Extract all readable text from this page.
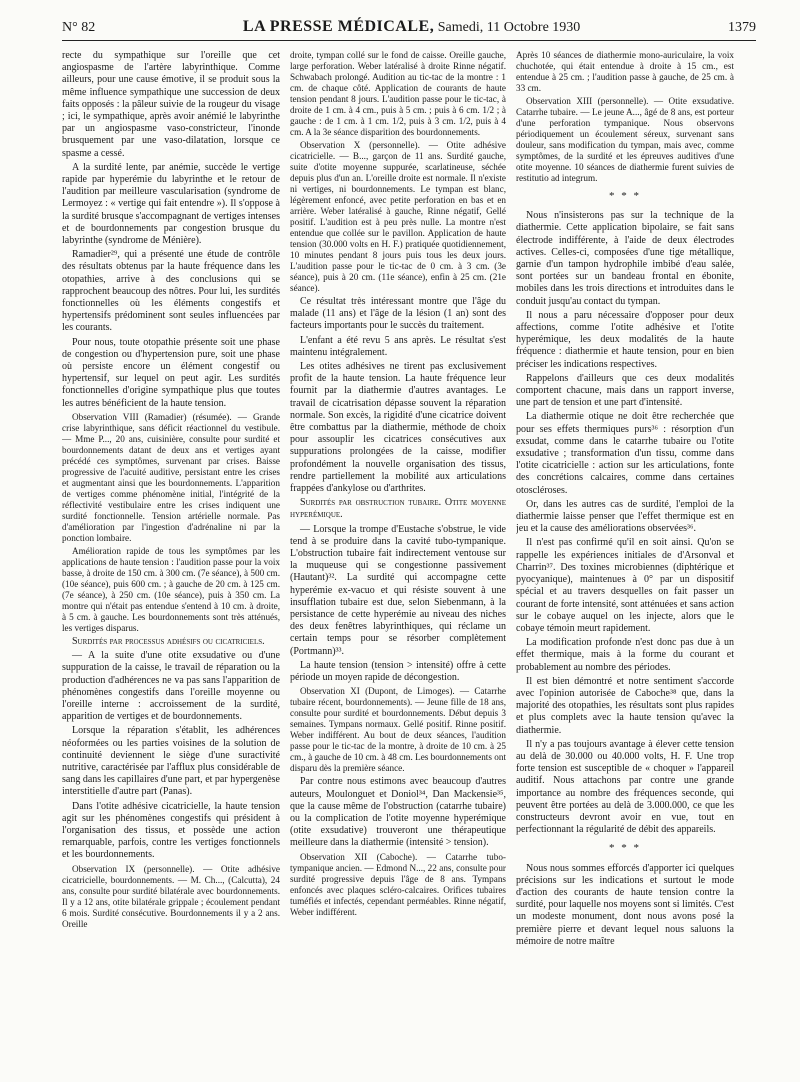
N° 82	LA PRESSE MÉDICALE, Samedi, 11 Octobre 1930	1379

recte du sympathique sur l'oreille que cet angiospasme de l'artère labyrinthique. Comme ailleurs, pour une cause émotive, il se produit sous la même influence sympathique une succession de deux faits opposés : la pâleur suivie de la rougeur du visage ; ici, le sympathique, après avoir anémié le labyrinthe par un angiospasme vaso-constricteur, l'inonde brusquement par une vaso-dilatation, lorsque ce spasme a cessé.

A la surdité lente, par anémie, succède le vertige rapide par hyperémie du labyrinthe et le retour de l'audition par meilleure vascularisation (syndrome de Lermoyez : « vertige qui fait entendre »). Il s'oppose à la surdité brusque s'accompagnant de vertiges intenses et de bourdonnements par congestion brusque du labyrinthe (syndrome de Ménière).

Ramadier²⁹, qui a présenté une étude de contrôle des résultats obtenus par la haute fréquence dans les otopathies, arrive à des conclusions qui se rapprochent beaucoup des nôtres. Pour lui, les surdités fonctionnelles où les éléments congestifs et hypertensifs prédominent sont seules influencées par les courants.

Pour nous, toute otopathie présente soit une phase de congestion ou d'hypertension pure, soit une phase où persiste encore un élément congestif ou hypertensif, sur lequel on peut agir. Les surdités fonctionnelles d'origine sympathique plus que toutes les autres bénéficient de la haute tension.

Observation VIII (Ramadier) (résumée). — Grande crise labyrinthique, sans déficit réactionnel du vestibule. — Mme P..., 20 ans, cuisinière, consulte pour surdité et bourdonnements datant de deux ans et vertiges ayant précédé ces symptômes, survenant par crises. Baisse progressive de l'acuité auditive, persistant entre les crises et augmentant ainsi que les bourdonnements. L'apparition de vertiges comme phénomène initial, l'intégrité de la réflectivité vestibulaire entre les crises indiquent une surdité fonctionnelle. Tension artérielle normale. Pas d'amélioration par l'ingestion d'adrénaline ni par la ponction lombaire.

Amélioration rapide de tous les symptômes par les applications de haute tension : l'audition passe pour la voix basse, à droite de 150 cm. à 300 cm. (7e séance), à 500 cm. (10e séance), puis 600 cm. ; à gauche de 20 cm. à 125 cm. (7e séance), à 250 cm. (10e séance), puis à 350 cm. La montre qui n'était pas entendue s'entend à 10 cm. à droite, à 5 cm. à gauche. Les bourdonnements sont très atténués, les vertiges disparus.

Surdités par processus adhésifs ou cicatriciels.

— A la suite d'une otite exsudative ou d'une suppuration de la caisse, le travail de réparation ou la production d'adhérences ne va pas sans l'apparition de phénomènes congestifs dans l'oreille moyenne ou l'oreille interne : accroissement de la surdité, apparition de vertiges et de bourdonnements.

Lorsque la réparation s'établit, les adhérences néoformées ou les parties voisines de la solution de continuité deviennent le siège d'une suractivité nutritive, caractérisée par l'afflux plus considérable de sang dans les capillaires d'une part, et par hypergenèse interstitielle d'autre part (Panas).

Dans l'otite adhésive cicatricielle, la haute tension agit sur les phénomènes congestifs qui président à l'organisation des tissus, et possède une action remarquable, parfois, contre les vertiges fonctionnels et les bourdonnements.

Observation IX (personnelle). — Otite adhésive cicatricielle, bourdonnements. — M. Ch..., (Calcutta), 24 ans, consulte pour surdité bilatérale avec bourdonnements. Il y a 12 ans, otite bilatérale grippale ; écoulement pendant 6 mois. Surdité consécutive. Bourdonnements il y a 2 ans. Oreille

droite, tympan collé sur le fond de caisse. Oreille gauche, large perforation. Weber latéralisé à droite Rinne négatif. Schwabach prolongé. Audition au tic-tac de la montre : 1 cm. de chaque côté. Application de courants de haute tension pendant 8 jours. L'audition passe pour le tic-tac, à droite de 1 cm. à 4 cm., puis à 5 cm. ; puis à 6 cm. 1/2 ; à gauche : de 1 cm. à 1 cm. 1/2, puis à 3 cm. 1/2, puis à 4 cm. A la 3e séance disparition des bourdonnements.

Observation X (personnelle). — Otite adhésive cicatricielle. — B..., garçon de 11 ans. Surdité gauche, suite d'otite moyenne suppurée, scarlatineuse, séchée depuis plus d'un an. L'oreille droite est normale. Il n'existe ni vertiges, ni bourdonnements. Le tympan est blanc, légèrement enfoncé, avec petite perforation en bas et en arrière. Weber latéralisé à gauche, Rinne négatif, Gellé positif. L'audition est à peu près nulle. La montre n'est entendue que collée sur le pavillon. Application de haute tension (30.000 volts en H. F.) pratiquée quotidiennement, 10 minutes pendant 8 jours puis tous les deux jours. L'audition passe pour le tic-tac de 0 cm. à 3 cm. (3e séance), puis à 20 cm. (11e séance), enfin à 25 cm. (21e séance).

Ce résultat très intéressant montre que l'âge du malade (11 ans) et l'âge de la lésion (1 an) sont des facteurs importants pour le succès du traitement.

L'enfant a été revu 5 ans après. Le résultat s'est maintenu intégralement.

Les otites adhésives ne tirent pas exclusivement profit de la haute tension. La haute fréquence leur fournit par la diathermie d'autres avantages. Le travail de cicatrisation dépasse souvent la réparation normale. Son excès, la rigidité d'une cicatrice doivent être combattus par la diathermie, méthode de choix pour assouplir les cicatrices consécutives aux suppurations prolongées de la caisse, modifier profondément la nouvelle organisation des tissus, rendre partiellement la mobilité aux articulations frappées d'ankylose ou d'arthrites.

Surdités par obstruction tubaire. Otite moyenne hyperémique.

— Lorsque la trompe d'Eustache s'obstrue, le vide tend à se produire dans la cavité tubo-tympanique. L'obstruction tubaire fait indirectement ventouse sur la muqueuse qui se congestionne passivement (Hautant)³². La surdité qui accompagne cette hyperémie ex-vacuo et qui résiste souvent à une insufflation tubaire est due, selon Siebenmann, à la persistance de cette hyperémie au niveau des niches des deux fenêtres labyrinthiques, qui réclame un certain temps pour se résorber complètement (Portmann)³³.

La haute tension (tension > intensité) offre à cette période un moyen rapide de décongestion.

Observation XI (Dupont, de Limoges). — Catarrhe tubaire récent, bourdonnements). — Jeune fille de 18 ans, consulte pour surdité et bourdonnements. Début depuis 3 semaines. Tympans normaux. Gellé positif. Rinne positif. Weber indifférent. Au bout de deux séances, l'audition passe pour le tic-tac de la montre, à droite de 10 cm. à 25 cm., à gauche de 10 cm. à 48 cm. Les bourdonnements ont disparu dès la première séance.

Par contre nous estimons avec beaucoup d'autres auteurs, Moulonguet et Doniol³⁴, Dan Mackensie³⁵, que la cause même de l'obstruction (catarrhe tubaire) ou la complication de l'otite moyenne hyperémique (otite exsudative) trouveront une thérapeutique meilleure dans la diathermie (intensité > tension).

Observation XII (Caboche). — Catarrhe tubo-tympanique ancien. — Edmond N..., 22 ans, consulte pour surdité progressive depuis l'âge de 8 ans. Tympans enfoncés avec plaques scléro-calcaires. Orifices tubaires tuméfiés et infectés, cependant perméables. Rinne négatif, Weber indifférent.

Après 10 séances de diathermie mono-auriculaire, la voix chuchotée, qui était entendue à droite à 15 cm., est entendue à 25 cm. ; l'audition passe à gauche, de 25 cm. à 33 cm.

Observation XIII (personnelle). — Otite exsudative. Catarrhe tubaire. — Le jeune A..., âgé de 8 ans, est porteur d'une perforation tympanique. Nous observons périodiquement un écoulement séreux, survenant sans douleur, sans modification du tympan, mais avec, comme symptômes, de la surdité et les épreuves auditives d'une otite moyenne. 10 séances de diathermie furent suivies de restitutio ad integrum.

* * *

Nous n'insisterons pas sur la technique de la diathermie. Cette application bipolaire, se fait sans électrode indifférente, à l'aide de deux électrodes actives. Celles-ci, composées d'une tige métallique, garnie d'un tampon hydrophile imbibé d'eau salée, sont portées sur un bandeau frontal en ébonite, mobiles dans les trois directions et introduites dans le conduit jusqu'au contact du tympan.

Il nous a paru nécessaire d'opposer pour deux affections, comme l'otite adhésive et l'otite hyperémique, les deux modalités de la haute fréquence : diathermie et haute tension, pour en bien préciser les indications respectives.

Rappelons d'ailleurs que ces deux modalités comportent chacune, mais dans un rapport inverse, une part de tension et une part d'intensité.

La diathermie otique ne doit être recherchée que pour ses effets thermiques purs³⁶ : résorption d'un exsudat, comme dans le catarrhe tubaire ou l'otite exsudative ; transformation d'un tissu, comme dans l'otite cicatricielle : action sur les articulations, fonte des concrétions calcaires, comme dans certaines otoscléroses.

Or, dans les autres cas de surdité, l'emploi de la diathermie laisse penser que l'effet thermique est en jeu et la cause des améliorations observées³⁶.

Il n'est pas confirmé qu'il en soit ainsi. Qu'on se rappelle les expériences initiales de d'Arsonval et Charrin³⁷. Des toxines microbiennes (diphtérique et pyocyanique), maintenues à 0° par un dispositif spécial et au travers desquelles on fait passer un courant de forte intensité, sont atténuées et sans action sur le cobaye auquel on les injecte, alors que le cobaye témoin meurt rapidement.

La modification profonde n'est donc pas due à un effet thermique, mais à la forme du courant et probablement au nombre des périodes.

Il est bien démontré et notre sentiment s'accorde avec l'opinion autorisée de Caboche³⁸ que, dans la majorité des otopathies, les résultats sont plus rapides et plus complets avec la haute tension qu'avec la diathermie.

Il n'y a pas toujours avantage à élever cette tension au delà de 30.000 ou 40.000 volts, H. F. Une trop forte tension est susceptible de « choquer » l'appareil auditif. Nous attachons par contre une grande importance au nombre des fréquences seconde, qui peuvent être portées au delà de 3.000.000, ce que les constructeurs devront avoir en vue, tout en perfectionnant la régularité de débit des appareils.

* * *

Nous nous sommes efforcés d'apporter ici quelques précisions sur les indications et surtout le mode d'action des courants de haute tension contre la surdité, pour laquelle nos moyens sont si limités. C'est un modeste monument, dont nous avons posé la première pierre et devant lequel nous saluons la mémoire de notre maître
